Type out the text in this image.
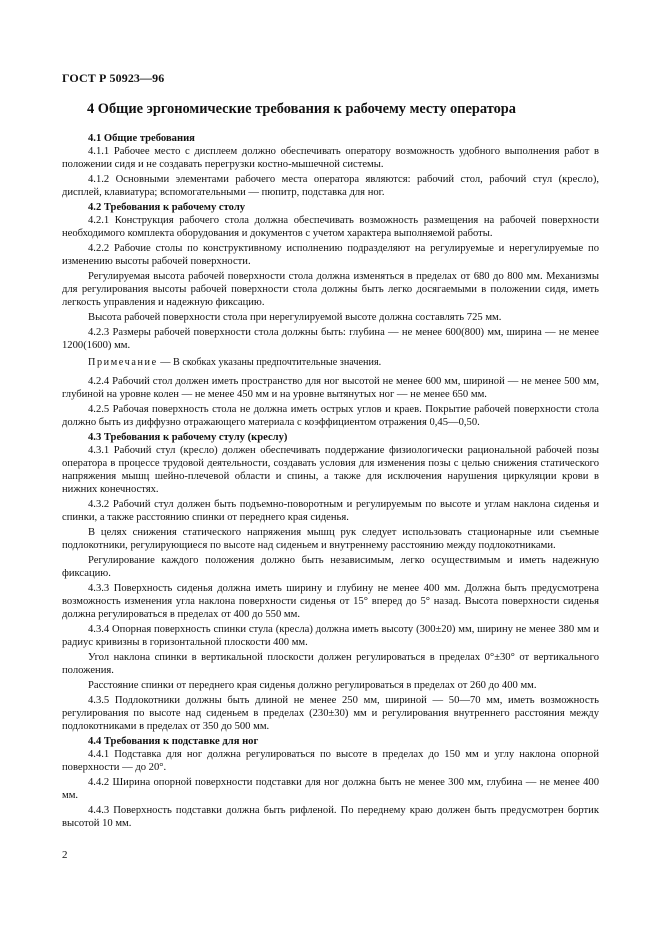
ГОСТ Р 50923—96
4 Общие эргономические требования к рабочему месту оператора
4.1 Общие требования

4.1.1 Рабочее место с дисплеем должно обеспечивать оператору возможность удобного выполнения работ в положении сидя и не создавать перегрузки костно-мышечной системы.

4.1.2 Основными элементами рабочего места оператора являются: рабочий стол, рабочий стул (кресло), дисплей, клавиатура; вспомогательными — пюпитр, подставка для ног.

4.2 Требования к рабочему столу

4.2.1 Конструкция рабочего стола должна обеспечивать возможность размещения на рабочей поверхности необходимого комплекта оборудования и документов с учетом характера выполняемой работы.

4.2.2 Рабочие столы по конструктивному исполнению подразделяют на регулируемые и нерегулируемые по изменению высоты рабочей поверхности.

Регулируемая высота рабочей поверхности стола должна изменяться в пределах от 680 до 800 мм. Механизмы для регулирования высоты рабочей поверхности стола должны быть легко досягаемыми в положении сидя, иметь легкость управления и надежную фиксацию.

Высота рабочей поверхности стола при нерегулируемой высоте должна составлять 725 мм.

4.2.3 Размеры рабочей поверхности стола должны быть: глубина — не менее 600(800) мм, ширина — не менее 1200(1600) мм.

Примечание — В скобках указаны предпочтительные значения.

4.2.4 Рабочий стол должен иметь пространство для ног высотой не менее 600 мм, шириной — не менее 500 мм, глубиной на уровне колен — не менее 450 мм и на уровне вытянутых ног — не менее 650 мм.

4.2.5 Рабочая поверхность стола не должна иметь острых углов и краев. Покрытие рабочей поверхности стола должно быть из диффузно отражающего материала с коэффициентом отражения 0,45—0,50.

4.3 Требования к рабочему стулу (креслу)

4.3.1 Рабочий стул (кресло) должен обеспечивать поддержание физиологически рациональной рабочей позы оператора в процессе трудовой деятельности, создавать условия для изменения позы с целью снижения статического напряжения мышц шейно-плечевой области и спины, а также для исключения нарушения циркуляции крови в нижних конечностях.

4.3.2 Рабочий стул должен быть подъемно-поворотным и регулируемым по высоте и углам наклона сиденья и спинки, а также расстоянию спинки от переднего края сиденья.

В целях снижения статического напряжения мышц рук следует использовать стационарные или съемные подлокотники, регулирующиеся по высоте над сиденьем и внутреннему расстоянию между подлокотниками.

Регулирование каждого положения должно быть независимым, легко осуществимым и иметь надежную фиксацию.

4.3.3 Поверхность сиденья должна иметь ширину и глубину не менее 400 мм. Должна быть предусмотрена возможность изменения угла наклона поверхности сиденья от 15° вперед до 5° назад. Высота поверхности сиденья должна регулироваться в пределах от 400 до 550 мм.

4.3.4 Опорная поверхность спинки стула (кресла) должна иметь высоту (300±20) мм, ширину не менее 380 мм и радиус кривизны в горизонтальной плоскости 400 мм.

Угол наклона спинки в вертикальной плоскости должен регулироваться в пределах 0°±30° от вертикального положения.

Расстояние спинки от переднего края сиденья должно регулироваться в пределах от 260 до 400 мм.

4.3.5 Подлокотники должны быть длиной не менее 250 мм, шириной — 50—70 мм, иметь возможность регулирования по высоте над сиденьем в пределах (230±30) мм и регулирования внутреннего расстояния между подлокотниками в пределах от 350 до 500 мм.

4.4 Требования к подставке для ног

4.4.1 Подставка для ног должна регулироваться по высоте в пределах до 150 мм и углу наклона опорной поверхности — до 20°.

4.4.2 Ширина опорной поверхности подставки для ног должна быть не менее 300 мм, глубина — не менее 400 мм.

4.4.3 Поверхность подставки должна быть рифленой. По переднему краю должен быть предусмотрен бортик высотой 10 мм.

2
